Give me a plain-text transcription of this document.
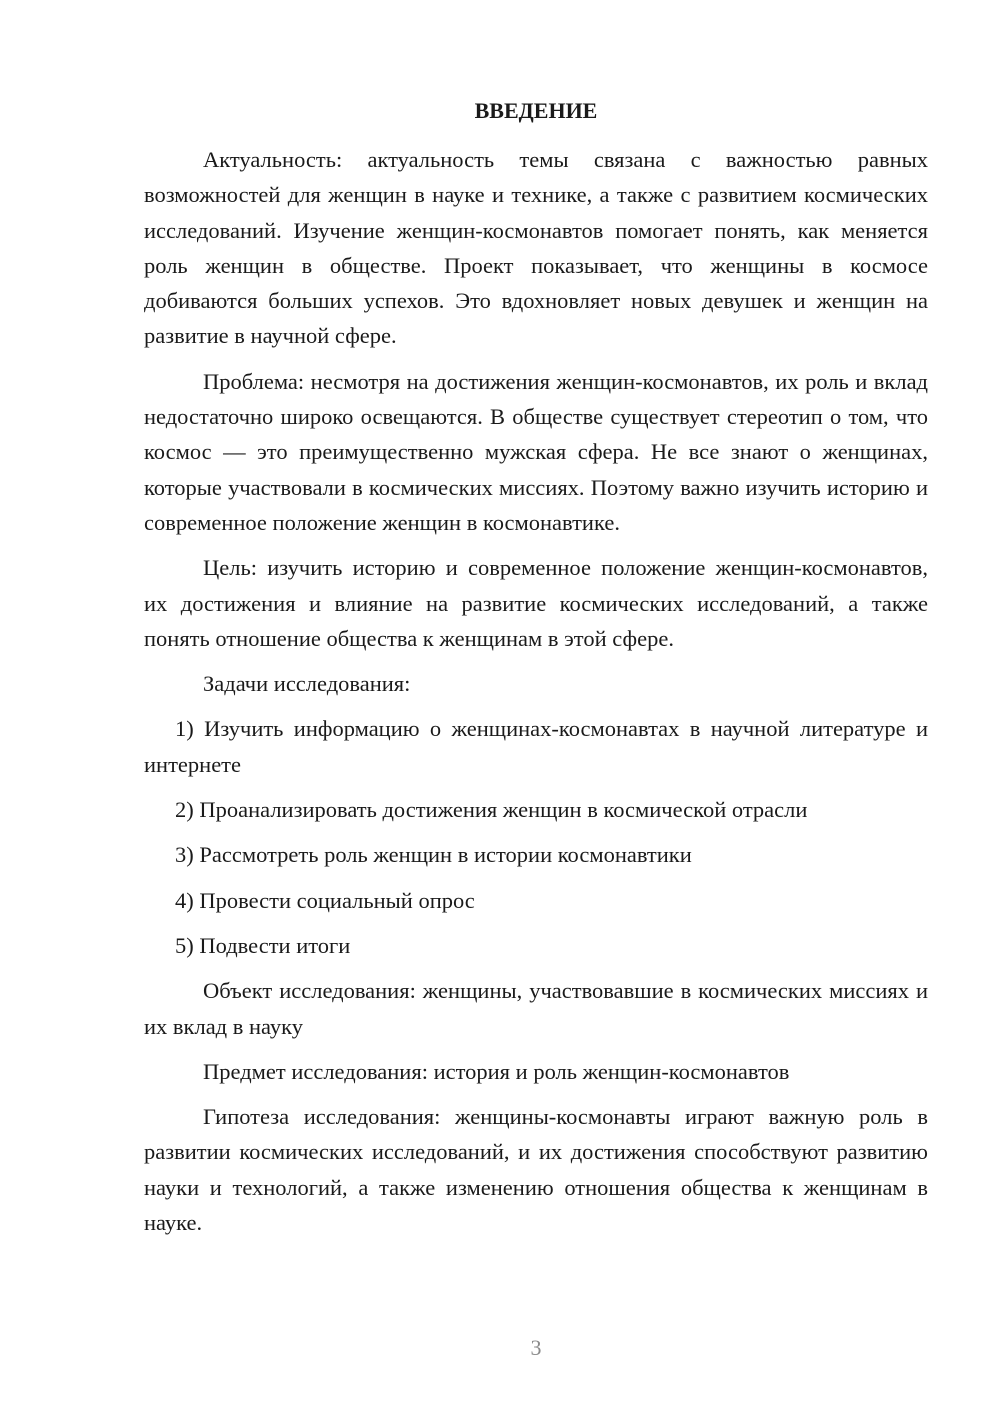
ВВЕДЕНИЕ

Актуальность: актуальность темы связана с важностью равных возможностей для женщин в науке и технике, а также с развитием космических исследований. Изучение женщин-космонавтов помогает понять, как меняется роль женщин в обществе. Проект показывает, что женщины в космосе добиваются больших успехов. Это вдохновляет новых девушек и женщин на развитие в научной сфере.

Проблема: несмотря на достижения женщин-космонавтов, их роль и вклад недостаточно широко освещаются. В обществе существует стереотип о том, что космос — это преимущественно мужская сфера. Не все знают о женщинах, которые участвовали в космических миссиях. Поэтому важно изучить историю и современное положение женщин в космонавтике.

Цель: изучить историю и современное положение женщин-космонавтов, их достижения и влияние на развитие космических исследований, а также понять отношение общества к женщинам в этой сфере.

Задачи исследования:

1) Изучить информацию о женщинах-космонавтах в научной литературе и интернете

2) Проанализировать достижения женщин в космической отрасли

3) Рассмотреть роль женщин в истории космонавтики

4) Провести социальный опрос

5) Подвести итоги

Объект исследования: женщины, участвовавшие в космических миссиях и их вклад в науку

Предмет исследования: история и роль женщин-космонавтов

Гипотеза исследования: женщины-космонавты играют важную роль в развитии космических исследований, и их достижения способствуют развитию науки и технологий, а также изменению отношения общества к женщинам в науке.

3
